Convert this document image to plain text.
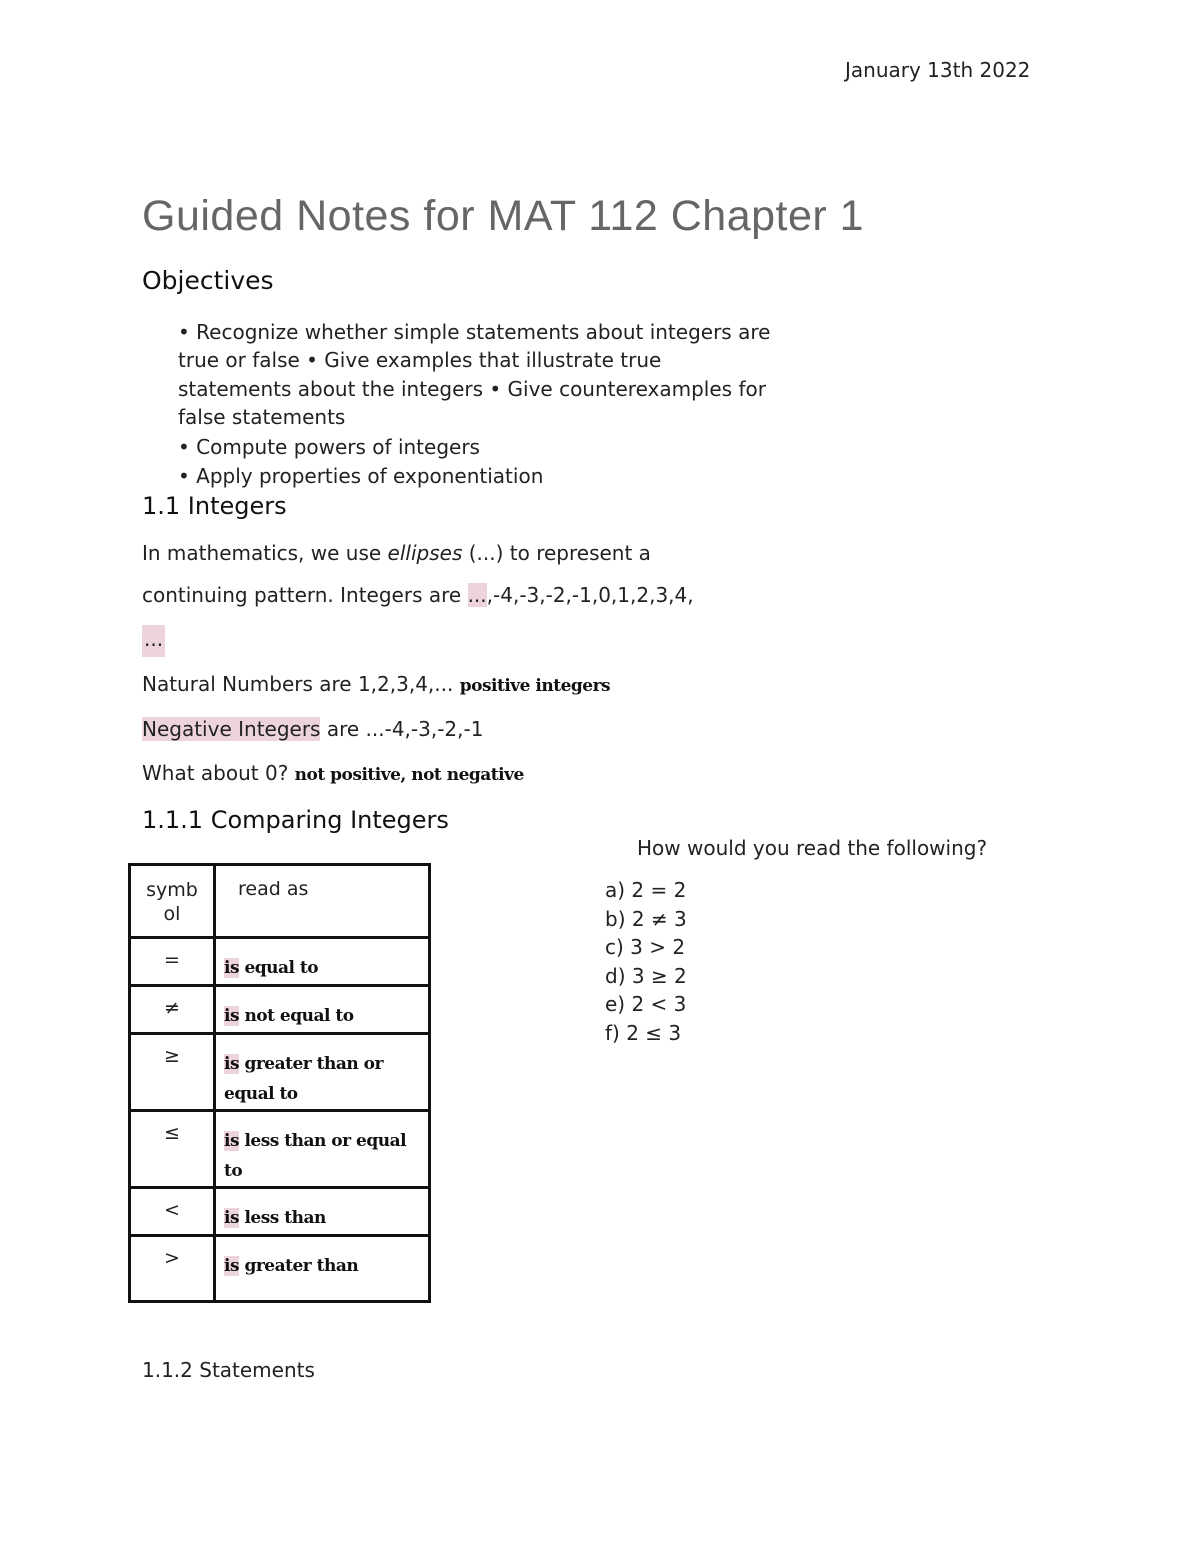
January 13th 2022
Guided Notes for MAT 112 Chapter 1
Objectives
• Recognize whether simple statements about integers are
true or false • Give examples that illustrate true
statements about the integers • Give counterexamples for
false statements
• Compute powers of integers
• Apply properties of exponentiation
1.1 Integers
In mathematics, we use ellipses (...) to represent a
continuing pattern. Integers are ...,-4,-3,-2,-1,0,1,2,3,4,
...
Natural Numbers are 1,2,3,4,... positive integers
Negative Integers are ...-4,-3,-2,-1
What about 0? not positive, not negative
1.1.1 Comparing Integers
symb
ol	read as
=	is equal to
≠	is not equal to
≥	is greater than or
equal to
≤	is less than or equal
to
<	is less than
>	is greater than
How would you read the following?
a) 2 = 2
b) 2 ≠ 3
c) 3 > 2
d) 3 ≥ 2
e) 2 < 3
f) 2 ≤ 3
1.1.2 Statements
